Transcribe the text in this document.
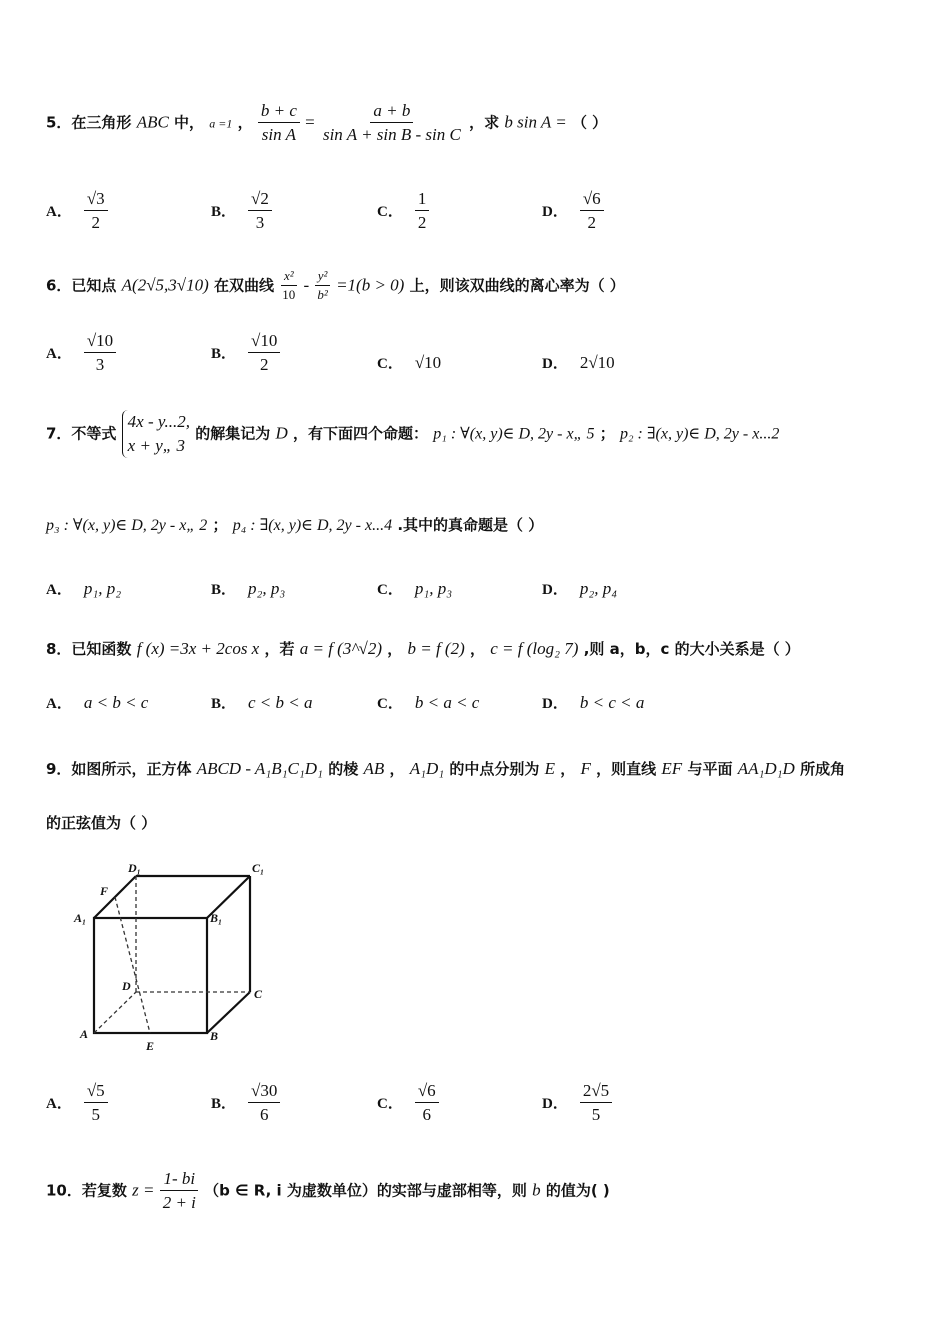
5．在三角形 ABC 中， a =1 ， $\frac{b + c}{\text{sin A}} = \frac{a + b}{\text{sin A + sin B - sin C}}$ ，求 b sin A = （ ）
A． $\frac{√3}{2}$	B． $\frac{√2}{3}$	C． $\frac{1}{2}$	D． $\frac{√6}{2}$
6．已知点 A(2√5,3√10) 在双曲线 $\frac{\text{x²}}{10} - \frac{\text{y²}}{\text{b²}} =1(b > 0)$ 上，则该双曲线的离心率为（ ）
A． $\frac{√10}{3}$	B． $\frac{√10}{2}$	C． √10	D． 2√10
7．不等式
4x - y...2,
x + y„ 3
的解集记为 D ，有下面四个命题： p₁ : ∀(x, y)∈ D, 2y - x„ 5 ； p₂ : ∃(x, y)∈ D, 2y - x...2
p₃ : ∀(x, y)∈ D, 2y - x„ 2 ； p₄ : ∃(x, y)∈ D, 2y - x...4 .其中的真命题是（ ）
A． p₁, p₂	B． p₂, p₃	C． p₁, p₃	D． p₂, p₄
8．已知函数 f (x) =3x + 2cos x ，若 a = f (3^√2) ， b = f (2) ， c = f (log₂ 7) ,则 a，b，c 的大小关系是（ ）
A． a < b < c	B． c < b < a	C． b < a < c	D． b < c < a
9．如图所示，正方体 ABCD - A₁B₁C₁D₁ 的棱 AB ， A₁D₁ 的中点分别为 E ， F ，则直线 EF 与平面 AA₁D₁D 所成角
的正弦值为（ ）
D₁	C₁
F
A₁	B₁
D
C
A
E
B
A． $\frac{√5}{5}$	B． $\frac{√30}{6}$	C． $\frac{√6}{6}$	D． $\frac{2√5}{5}$
10．若复数 $z = \frac{1- bi}{2 + i} (b$ ∈ R, i 为虚数单位）的实部与虚部相等，则 b 的值为( )
